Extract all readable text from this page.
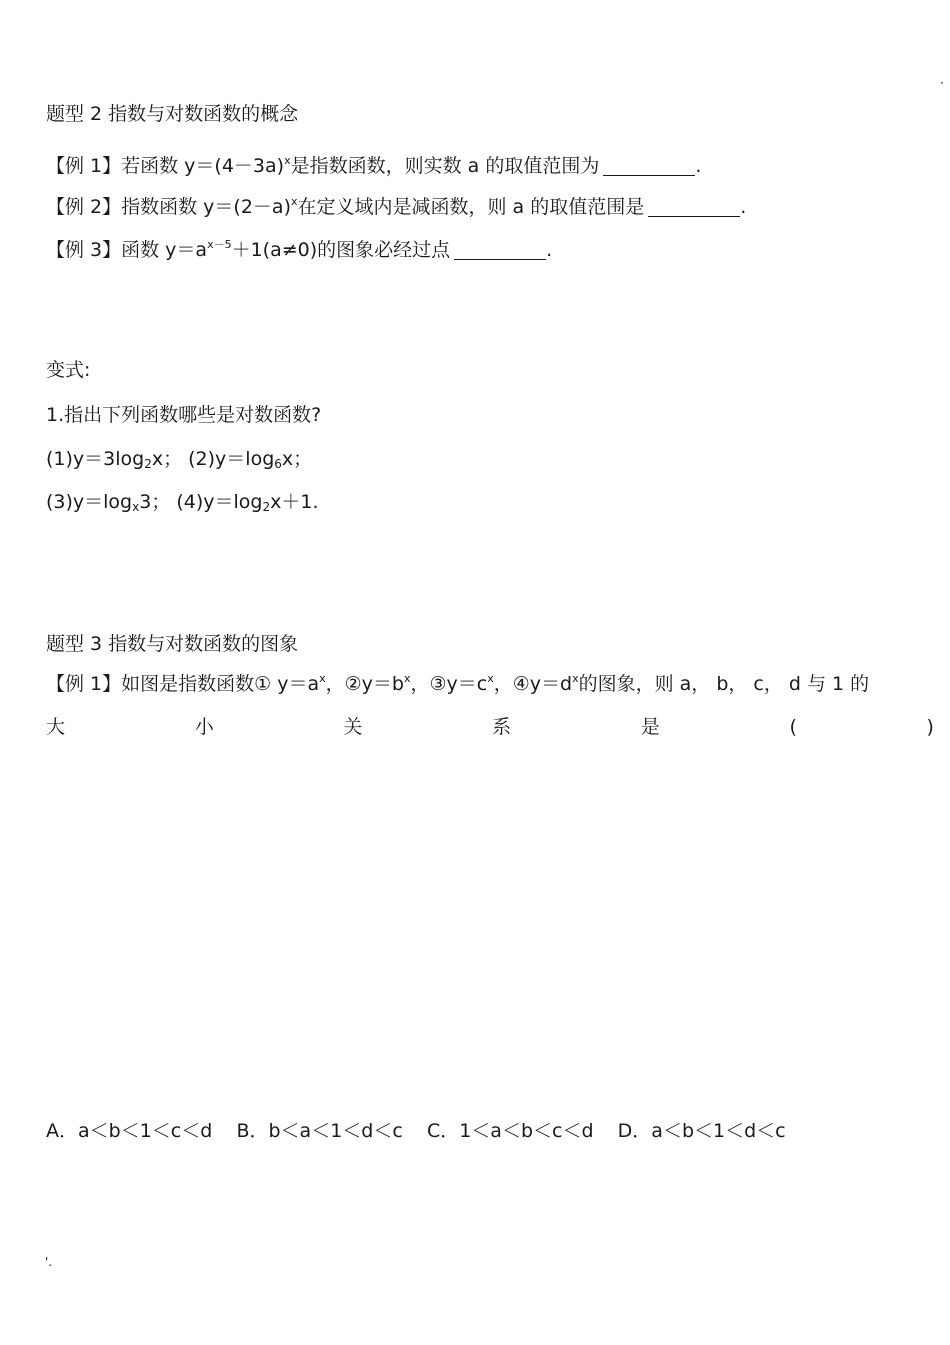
·
题型 2 指数与对数函数的概念
【例 1】若函数 $y=(4-3a)^x$是指数函数，则实数 a 的取值范围为	.
【例 2】指数函数 $y=(2-a)^x$在定义域内是减函数，则 a 的取值范围是	.
【例 3】函数 $y=a^{x-5}+1(a\ne 0)$的图象必经过点	.
变式:
1.指出下列函数哪些是对数函数?
$(1)y=3\log_2x$； $(2)y=\log_6x$；
$(3)y=\log_x3$； $(4)y=\log_2x+1$.
题型 3 指数与对数函数的图象
【例 1】如图是指数函数① $y=a^x$，$②y=b^x$，$③y=c^x$，$④y=d^x$的图象，则 a， b， c， d 与 1 的
大	小	关	系	是	(	)
A．a＜b＜1＜c＜d    B．b＜a＜1＜d＜c    C．1＜a＜b＜c＜d    D．a＜b＜1＜d＜c
'.
